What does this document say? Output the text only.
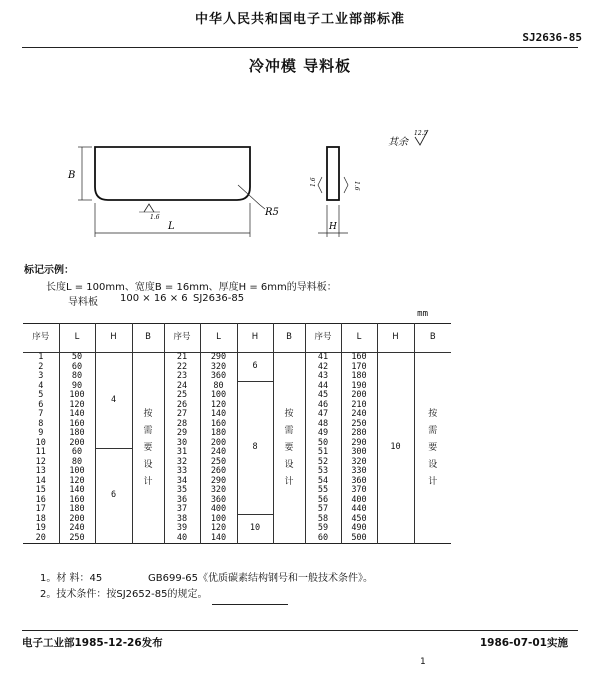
中华人民共和国电子工业部部标准
SJ2636-85
冷冲模 导料板
B
L
1.6	R5
H
1.6	1.6
其余
12.5
标记示例：
长度L = 100mm、宽度B = 16mm、厚度H = 6mm的导料板：
导料板 100 × 16 × 6 SJ2636-85
mm
序号	L	H	B	序号	L	H	B	序号	L	H	B
1	50	4	按需要设计	21	290	6	按需要设计	41	160	10	按需要设计
2	60			22	320			42	170		
3	80			23	360			43	180		
4	90			24	80	8		44	190		
5	100			25	100			45	200		
6	120			26	120			46	210		
7	140			27	140			47	240		
8	160			28	160			48	250		
9	180			29	180			49	280		
10	200			30	200			50	290		
11	60	6		31	240			51	300		
12	80			32	250			52	320		
13	100			33	260			53	330		
14	120			34	290			54	360		
15	140			35	320			55	370		
16	160			36	360			56	400		
17	180			37	400			57	440		
18	200			38	100	10		58	450		
19	240			39	120			59	490		
20	250			40	140			60	500		
1。材 料：45	GB699-65《优质碳素结构钢号和一般技术条件》。
2。技术条件：按SJ2652-85的规定。
电子工业部1985-12-26发布	1986-07-01实施
1
